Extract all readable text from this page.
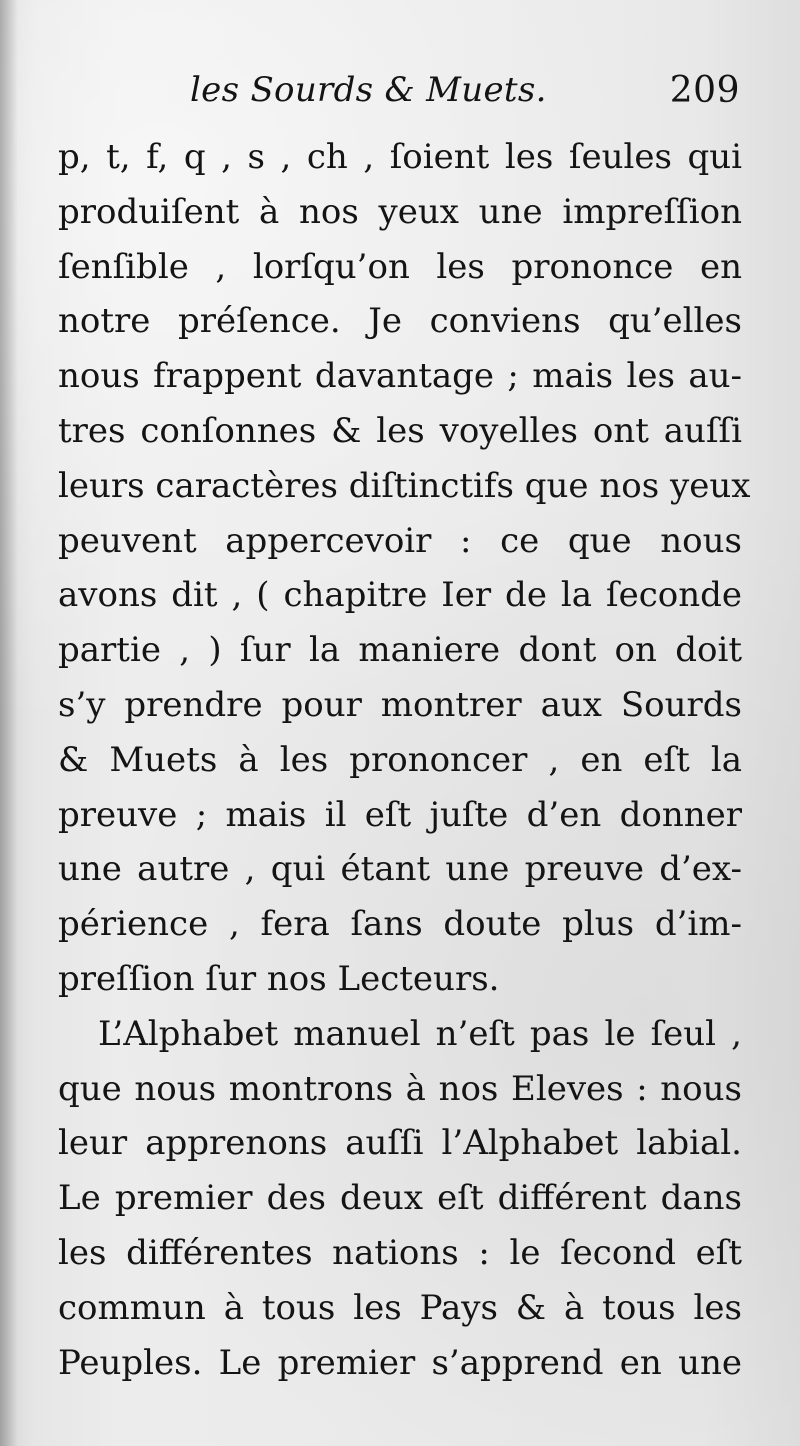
les Sourds & Muets.	209
p, t, f, q , s , ch , ſoient les ſeules qui
produiſent à nos yeux une impreſſion
ſenſible , lorſqu’on les prononce en
notre préſence. Je conviens qu’elles
nous frappent davantage ; mais les au-
tres conſonnes & les voyelles ont auſſi
leurs caractères diſtinctifs que nos yeux
peuvent appercevoir : ce que nous
avons dit , ( chapitre Ier de la ſeconde
partie , ) ſur la maniere dont on doit
s’y prendre pour montrer aux Sourds
& Muets à les prononcer , en eſt la
preuve ; mais il eſt juſte d’en donner
une autre , qui étant une preuve d’ex-
périence , fera ſans doute plus d’im-
preſſion ſur nos Lecteurs.
L’Alphabet manuel n’eſt pas le ſeul ,
que nous montrons à nos Eleves : nous
leur apprenons auſſi l’Alphabet labial.
Le premier des deux eſt différent dans
les différentes nations : le ſecond eſt
commun à tous les Pays & à tous les
Peuples. Le premier s’apprend en une
